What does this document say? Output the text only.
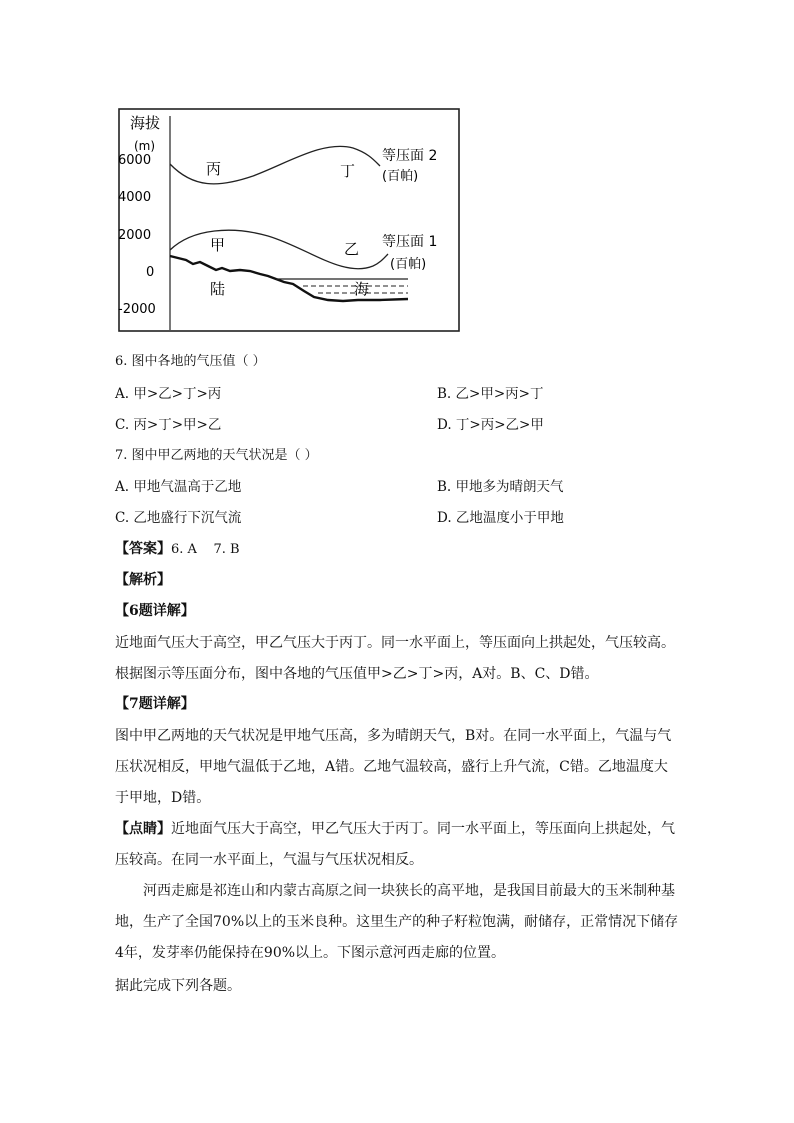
海拔
(m)
6000
4000
2000
0
-2000
丙	丁
甲	乙
陆	海
等压面 2
(百帕)
等压面 1
(百帕)
6. 图中各地的气压值（ ）
A. 甲>乙>丁>丙	B. 乙>甲>丙>丁
C. 丙>丁>甲>乙	D. 丁>丙>乙>甲
7. 图中甲乙两地的天气状况是（ ）
A. 甲地气温高于乙地	B. 甲地多为晴朗天气
C. 乙地盛行下沉气流	D. 乙地温度小于甲地
【答案】6. A    7. B
【解析】
【6题详解】
近地面气压大于高空，甲乙气压大于丙丁。同一水平面上，等压面向上拱起处，气压较高。根据图示等压面分布，图中各地的气压值甲>乙>丁>丙，A对。B、C、D错。
【7题详解】
图中甲乙两地的天气状况是甲地气压高，多为晴朗天气，B对。在同一水平面上，气温与气压状况相反，甲地气温低于乙地，A错。乙地气温较高，盛行上升气流，C错。乙地温度大于甲地，D错。
【点睛】近地面气压大于高空，甲乙气压大于丙丁。同一水平面上，等压面向上拱起处，气压较高。在同一水平面上，气温与气压状况相反。
河西走廊是祁连山和内蒙古高原之间一块狭长的高平地，是我国目前最大的玉米制种基地，生产了全国70%以上的玉米良种。这里生产的种子籽粒饱满，耐储存，正常情况下储存4年，发芽率仍能保持在90%以上。下图示意河西走廊的位置。
据此完成下列各题。
